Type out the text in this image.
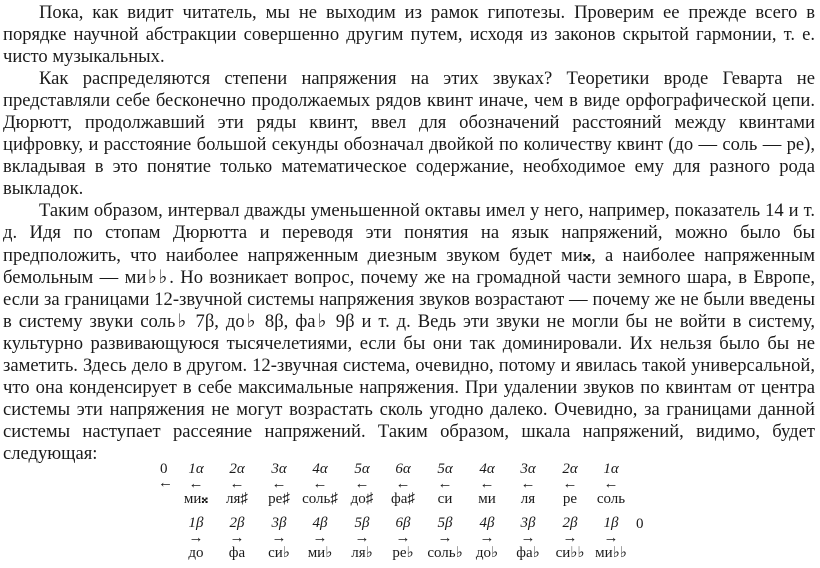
Пока, как видит читатель, мы не выходим из рамок гипотезы. Проверим ее прежде всего в порядке научной абстракции совершенно другим путем, исходя из законов скрытой гармонии, т. е. чисто музыкальных.

Как распределяются степени напряжения на этих звуках? Теоретики вроде Геварта не представляли себе бесконечно продолжаемых рядов квинт иначе, чем в виде орфографической цепи. Дюрютт, продолжавший эти ряды квинт, ввел для обозначений расстояний между квинтами цифровку, и расстояние большой секунды обозначал двойкой по количеству квинт (до — соль — ре), вкладывая в это понятие только математическое содержание, необходимое ему для разного рода выкладок.

Таким образом, интервал дважды уменьшенной октавы имел у него, например, показатель 14 и т. д. Идя по стопам Дюрютта и переводя эти понятия на язык напряжений, можно было бы предположить, что наиболее напряженным диезным звуком будет ми𝄪, а наиболее напряженным бемольным — ми♭♭. Но возникает вопрос, почему же на громадной части земного шара, в Европе, если за границами 12-звучной системы напряжения звуков возрастают — почему же не были введены в систему звуки соль♭ 7β, до♭ 8β, фа♭ 9β и т. д. Ведь эти звуки не могли бы не войти в систему, культурно развивающуюся тысячелетиями, если бы они так доминировали. Их нельзя было бы не заметить. Здесь дело в другом. 12-звучная система, очевидно, потому и явилась такой универсальной, что она конденсирует в себе максимальные напряжения. При удалении звуков по квинтам от центра системы эти напряжения не могут возрастать сколь угодно далеко. Очевидно, за границами данной системы наступает рассеяние напряжений. Таким образом, шкала напряжений, видимо, будет следующая:

0
←
1α
←
ми𝄪
2α
←
ля♯
3α
←
ре♯
4α
←
соль♯
5α
←
до♯
6α
←
фа♯
5α
←
си
4α
←
ми
3α
←
ля
2α
←
ре
1α
←
соль
1β
→
до
2β
→
фа
3β
→
си♭
4β
→
ми♭
5β
→
ля♭
6β
→
ре♭
5β
→
соль♭
4β
→
до♭
3β
→
фа♭
2β
→
си♭♭
1β
→
ми♭♭
0
